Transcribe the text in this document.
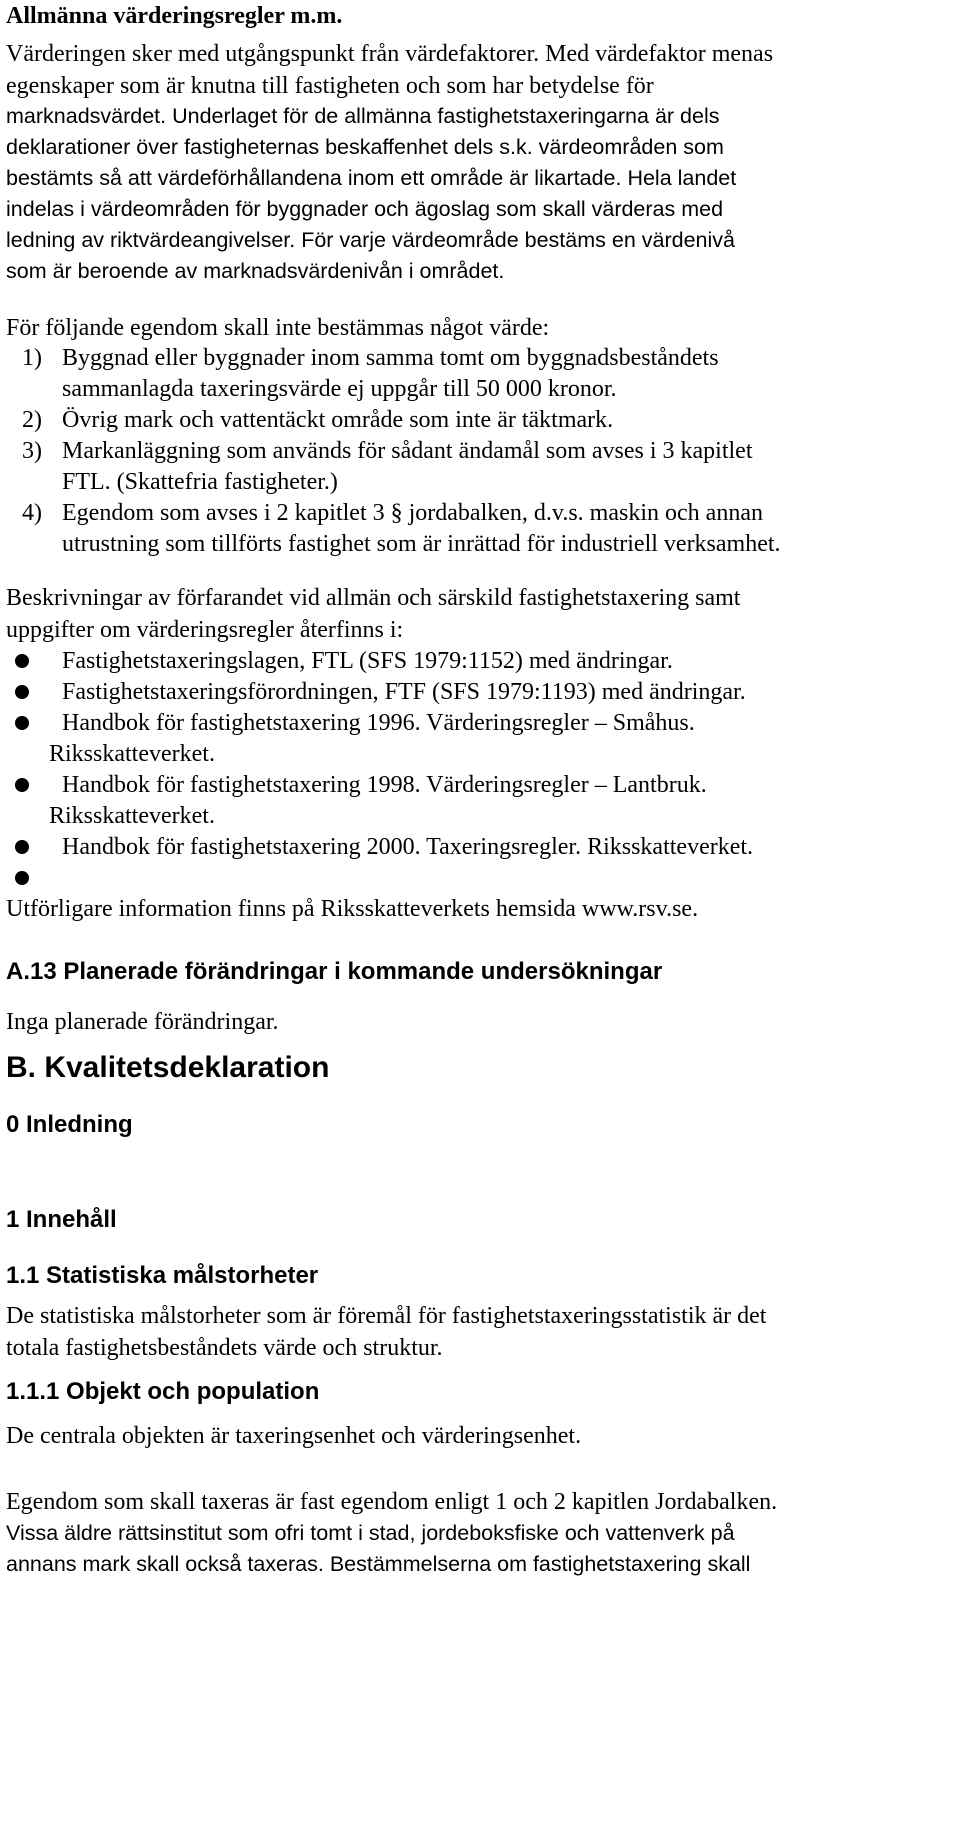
Allmänna värderingsregler m.m.
Värderingen sker med utgångspunkt från värdefaktorer. Med värdefaktor menas
egenskaper som är knutna till fastigheten och som har betydelse för
marknadsvärdet. Underlaget för de allmänna fastighetstaxeringarna är dels
deklarationer över fastigheternas beskaffenhet dels s.k. värdeområden som
bestämts så att värdeförhållandena inom ett område är likartade. Hela landet
indelas i värdeområden för byggnader och ägoslag som skall värderas med
ledning av riktvärdeangivelser. För varje värdeområde bestäms en värdenivå
som är beroende av marknadsvärdenivån i området.
För följande egendom skall inte bestämmas något värde:
1) Byggnad eller byggnader inom samma tomt om byggnadsbeståndets
sammanlagda taxeringsvärde ej uppgår till 50 000 kronor.
2) Övrig mark och vattentäckt område som inte är täktmark.
3) Markanläggning som används för sådant ändamål som avses i 3 kapitlet
FTL. (Skattefria fastigheter.)
4) Egendom som avses i 2 kapitlet 3 § jordabalken, d.v.s. maskin och annan
utrustning som tillförts fastighet som är inrättad för industriell verksamhet.
Beskrivningar av förfarandet vid allmän och särskild fastighetstaxering samt
uppgifter om värderingsregler återfinns i:
Fastighetstaxeringslagen, FTL (SFS 1979:1152) med ändringar.
Fastighetstaxeringsförordningen, FTF (SFS 1979:1193) med ändringar.
Handbok för fastighetstaxering 1996. Värderingsregler – Småhus.
Riksskatteverket.
Handbok för fastighetstaxering 1998. Värderingsregler – Lantbruk.
Riksskatteverket.
Handbok för fastighetstaxering 2000. Taxeringsregler. Riksskatteverket.
Utförligare information finns på Riksskatteverkets hemsida www.rsv.se.
A.13 Planerade förändringar i kommande undersökningar
Inga planerade förändringar.
B. Kvalitetsdeklaration
0 Inledning
1 Innehåll
1.1 Statistiska målstorheter
De statistiska målstorheter som är föremål för fastighetstaxeringsstatistik är det
totala fastighetsbeståndets värde och struktur.
1.1.1 Objekt och population
De centrala objekten är taxeringsenhet och värderingsenhet.
Egendom som skall taxeras är fast egendom enligt 1 och 2 kapitlen Jordabalken.
Vissa äldre rättsinstitut som ofri tomt i stad, jordeboksfiske och vattenverk på
annans mark skall också taxeras. Bestämmelserna om fastighetstaxering skall
